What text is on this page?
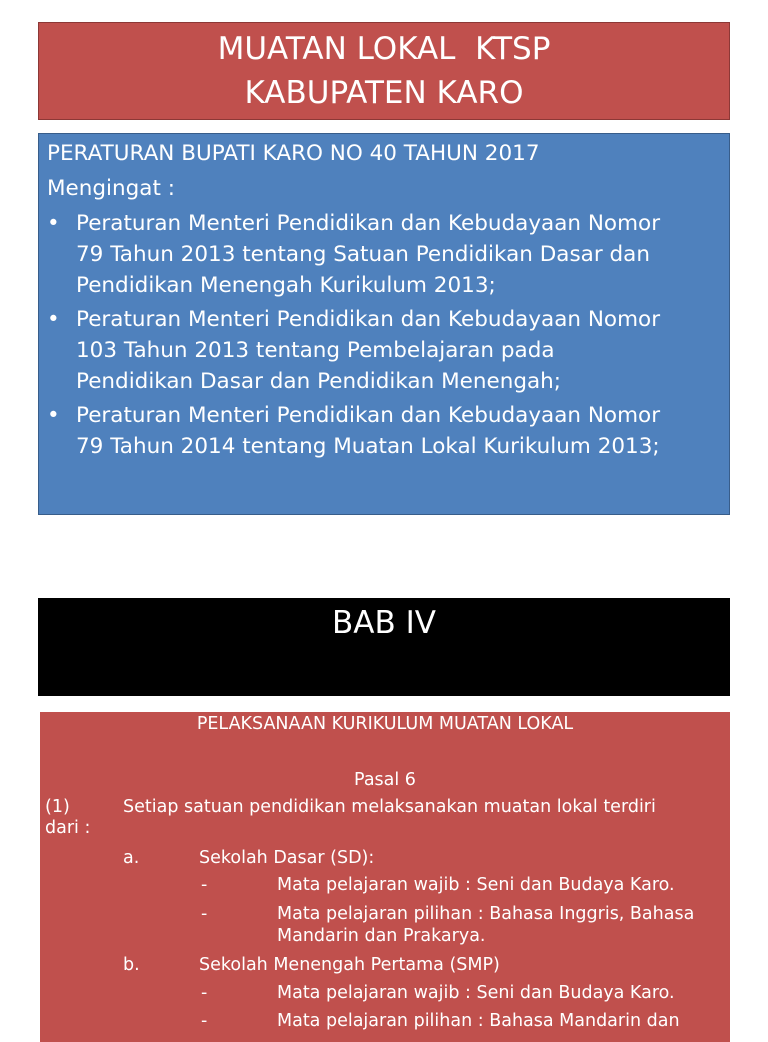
MUATAN LOKAL  KTSP
KABUPATEN KARO
PERATURAN BUPATI KARO NO 40 TAHUN 2017
Mengingat :
• Peraturan Menteri Pendidikan dan Kebudayaan Nomor
79 Tahun 2013 tentang Satuan Pendidikan Dasar dan
Pendidikan Menengah Kurikulum 2013;
• Peraturan Menteri Pendidikan dan Kebudayaan Nomor
103 Tahun 2013 tentang Pembelajaran pada
Pendidikan Dasar dan Pendidikan Menengah;
• Peraturan Menteri Pendidikan dan Kebudayaan Nomor
79 Tahun 2014 tentang Muatan Lokal Kurikulum 2013;
BAB IV
PELAKSANAAN KURIKULUM MUATAN LOKAL
Pasal 6
(1)	Setiap satuan pendidikan melaksanakan muatan lokal terdiri
dari :
a.	Sekolah Dasar (SD):
-	Mata pelajaran wajib : Seni dan Budaya Karo.
-	Mata pelajaran pilihan : Bahasa Inggris, Bahasa
Mandarin dan Prakarya.
b.	Sekolah Menengah Pertama (SMP)
-	Mata pelajaran wajib : Seni dan Budaya Karo.
-	Mata pelajaran pilihan : Bahasa Mandarin dan
